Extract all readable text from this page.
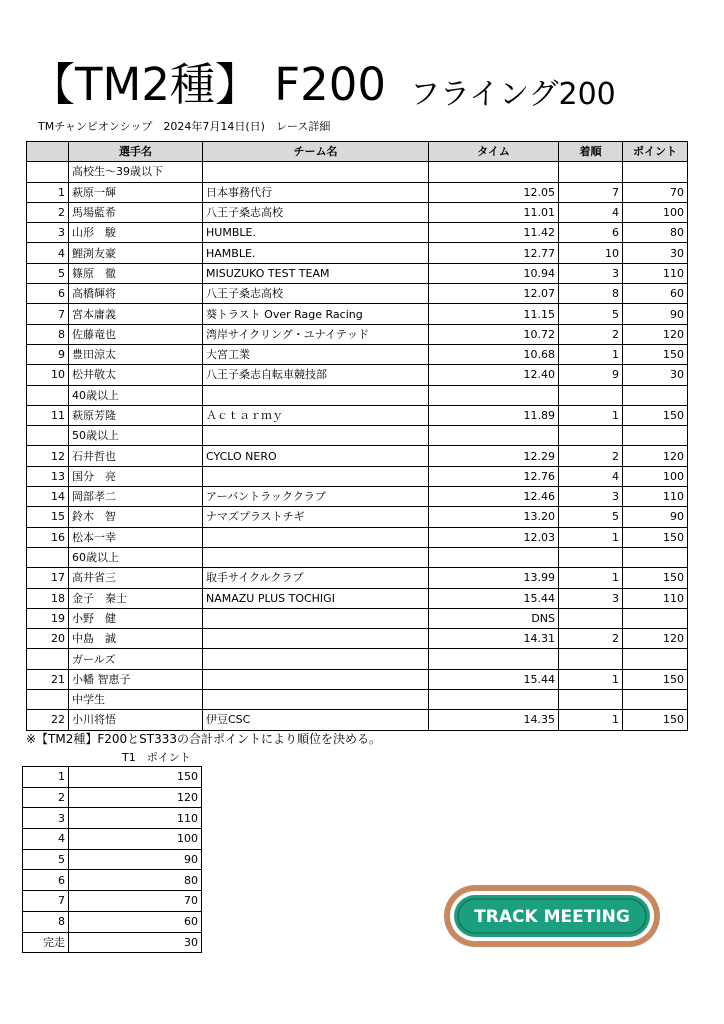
【TM2種】 F200 フライング200
TMチャンピオンシップ　2024年7月14日(日)　レース詳細
	選手名	チーム名	タイム	着順	ポイント
	高校生〜39歳以下				
1	萩原一輝	日本事務代行	12.05	7	70
2	馬場藍希	八王子桑志高校	11.01	4	100
3	山形　駿	HUMBLE.	11.42	6	80
4	鯉渕友豪	HAMBLE.	12.77	10	30
5	篠原　徹	MISUZUKO TEST TEAM	10.94	3	110
6	高橋輝将	八王子桑志高校	12.07	8	60
7	宮本庸義	葵トラスト Over Rage Racing	11.15	5	90
8	佐藤竜也	湾岸サイクリング・ユナイテッド	10.72	2	120
9	豊田涼太	大宮工業	10.68	1	150
10	松井敬太	八王子桑志自転車競技部	12.40	9	30
	40歳以上				
11	萩原芳隆	Ａｃｔａｒｍｙ	11.89	1	150
	50歳以上				
12	石井哲也	CYCLO NERO	12.29	2	120
13	国分　亮		12.76	4	100
14	岡部孝二	アーバントラッククラブ	12.46	3	110
15	鈴木　智	ナマズプラストチギ	13.20	5	90
16	松本一幸		12.03	1	150
	60歳以上				
17	高井省三	取手サイクルクラブ	13.99	1	150
18	金子　秦士	NAMAZU PLUS TOCHIGI	15.44	3	110
19	小野　健		DNS		
20	中島　誠		14.31	2	120
	ガールズ				
21	小幡 智恵子		15.44	1	150
	中学生				
22	小川将悟	伊豆CSC	14.35	1	150
※【TM2種】F200とST333の合計ポイントにより順位を決める。
T1　ポイント
1	150
2	120
3	110
4	100
5	90
6	80
7	70
8	60
完走	30
TRACK MEETING
